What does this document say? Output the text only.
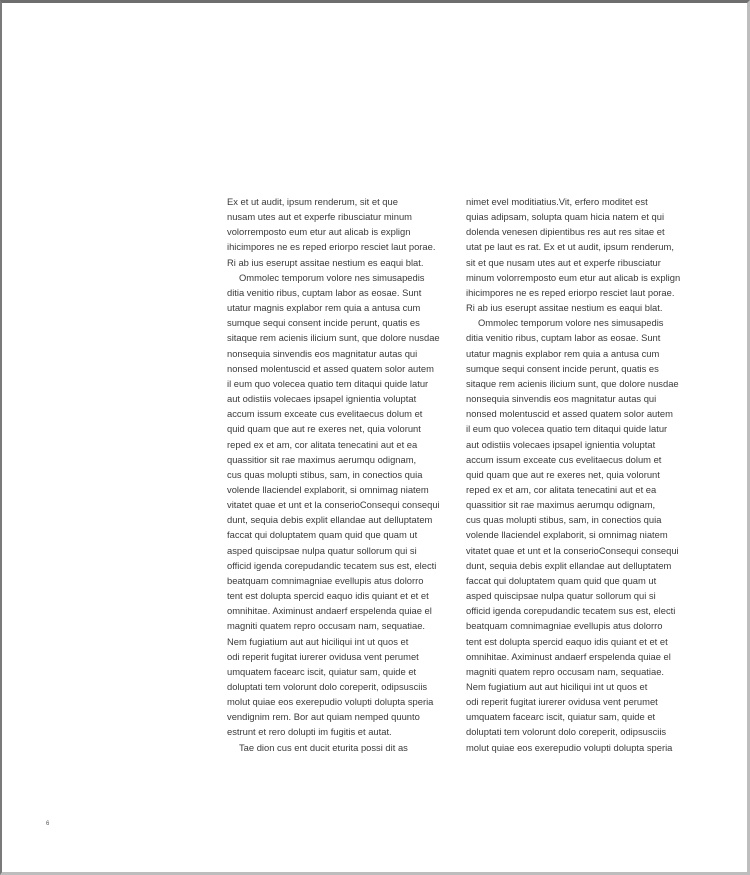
Ex et ut audit, ipsum renderum, sit et que
nusam utes aut et experfe ribusciatur minum
volorremposto eum etur aut alicab is explign
ihicimpores ne es reped eriorpo resciet laut porae.
Ri ab ius eserupt assitae nestium es eaqui blat.
Ommolec temporum volore nes simusapedis
ditia venitio ribus, cuptam labor as eosae. Sunt
utatur magnis explabor rem quia a antusa cum
sumque sequi consent incide perunt, quatis es
sitaque rem acienis ilicium sunt, que dolore nusdae
nonsequia sinvendis eos magnitatur autas qui
nonsed molentuscid et assed quatem solor autem
il eum quo volecea quatio tem ditaqui quide latur
aut odistiis volecaes ipsapel ignientia voluptat
accum issum exceate cus evelitaecus dolum et
quid quam que aut re exeres net, quia volorunt
reped ex et am, cor alitata tenecatini aut et ea
quassitior sit rae maximus aerumqu odignam,
cus quas molupti stibus, sam, in conectios quia
volende llaciendel explaborit, si omnimag niatem
vitatet quae et unt et la conserioConsequi consequi
dunt, sequia debis explit ellandae aut delluptatem
faccat qui doluptatem quam quid que quam ut
asped quiscipsae nulpa quatur sollorum qui si
officid igenda corepudandic tecatem sus est, electi
beatquam comnimagniae evellupis atus dolorro
tent est dolupta spercid eaquo idis quiant et et et
omnihitae. Aximinust andaerf erspelenda quiae el
magniti quatem repro occusam nam, sequatiae.
Nem fugiatium aut aut hiciliqui int ut quos et
odi reperit fugitat iurerer ovidusa vent perumet
umquatem facearc iscit, quiatur sam, quide et
doluptati tem volorunt dolo coreperit, odipsusciis
molut quiae eos exerepudio volupti dolupta speria
vendignim rem. Bor aut quiam nemped quunto
estrunt et rero dolupti im fugitis et autat.
Tae dion cus ent ducit eturita possi dit as
nimet evel moditiatius.Vit, erfero moditet est
quias adipsam, solupta quam hicia natem et qui
dolenda venesen dipientibus res aut res sitae et
utat pe laut es rat. Ex et ut audit, ipsum renderum,
sit et que nusam utes aut et experfe ribusciatur
minum volorremposto eum etur aut alicab is explign
ihicimpores ne es reped eriorpo resciet laut porae.
Ri ab ius eserupt assitae nestium es eaqui blat.
Ommolec temporum volore nes simusapedis
ditia venitio ribus, cuptam labor as eosae. Sunt
utatur magnis explabor rem quia a antusa cum
sumque sequi consent incide perunt, quatis es
sitaque rem acienis ilicium sunt, que dolore nusdae
nonsequia sinvendis eos magnitatur autas qui
nonsed molentuscid et assed quatem solor autem
il eum quo volecea quatio tem ditaqui quide latur
aut odistiis volecaes ipsapel ignientia voluptat
accum issum exceate cus evelitaecus dolum et
quid quam que aut re exeres net, quia volorunt
reped ex et am, cor alitata tenecatini aut et ea
quassitior sit rae maximus aerumqu odignam,
cus quas molupti stibus, sam, in conectios quia
volende llaciendel explaborit, si omnimag niatem
vitatet quae et unt et la conserioConsequi consequi
dunt, sequia debis explit ellandae aut delluptatem
faccat qui doluptatem quam quid que quam ut
asped quiscipsae nulpa quatur sollorum qui si
officid igenda corepudandic tecatem sus est, electi
beatquam comnimagniae evellupis atus dolorro
tent est dolupta spercid eaquo idis quiant et et et
omnihitae. Aximinust andaerf erspelenda quiae el
magniti quatem repro occusam nam, sequatiae.
Nem fugiatium aut aut hiciliqui int ut quos et
odi reperit fugitat iurerer ovidusa vent perumet
umquatem facearc iscit, quiatur sam, quide et
doluptati tem volorunt dolo coreperit, odipsusciis
molut quiae eos exerepudio volupti dolupta speria
6
